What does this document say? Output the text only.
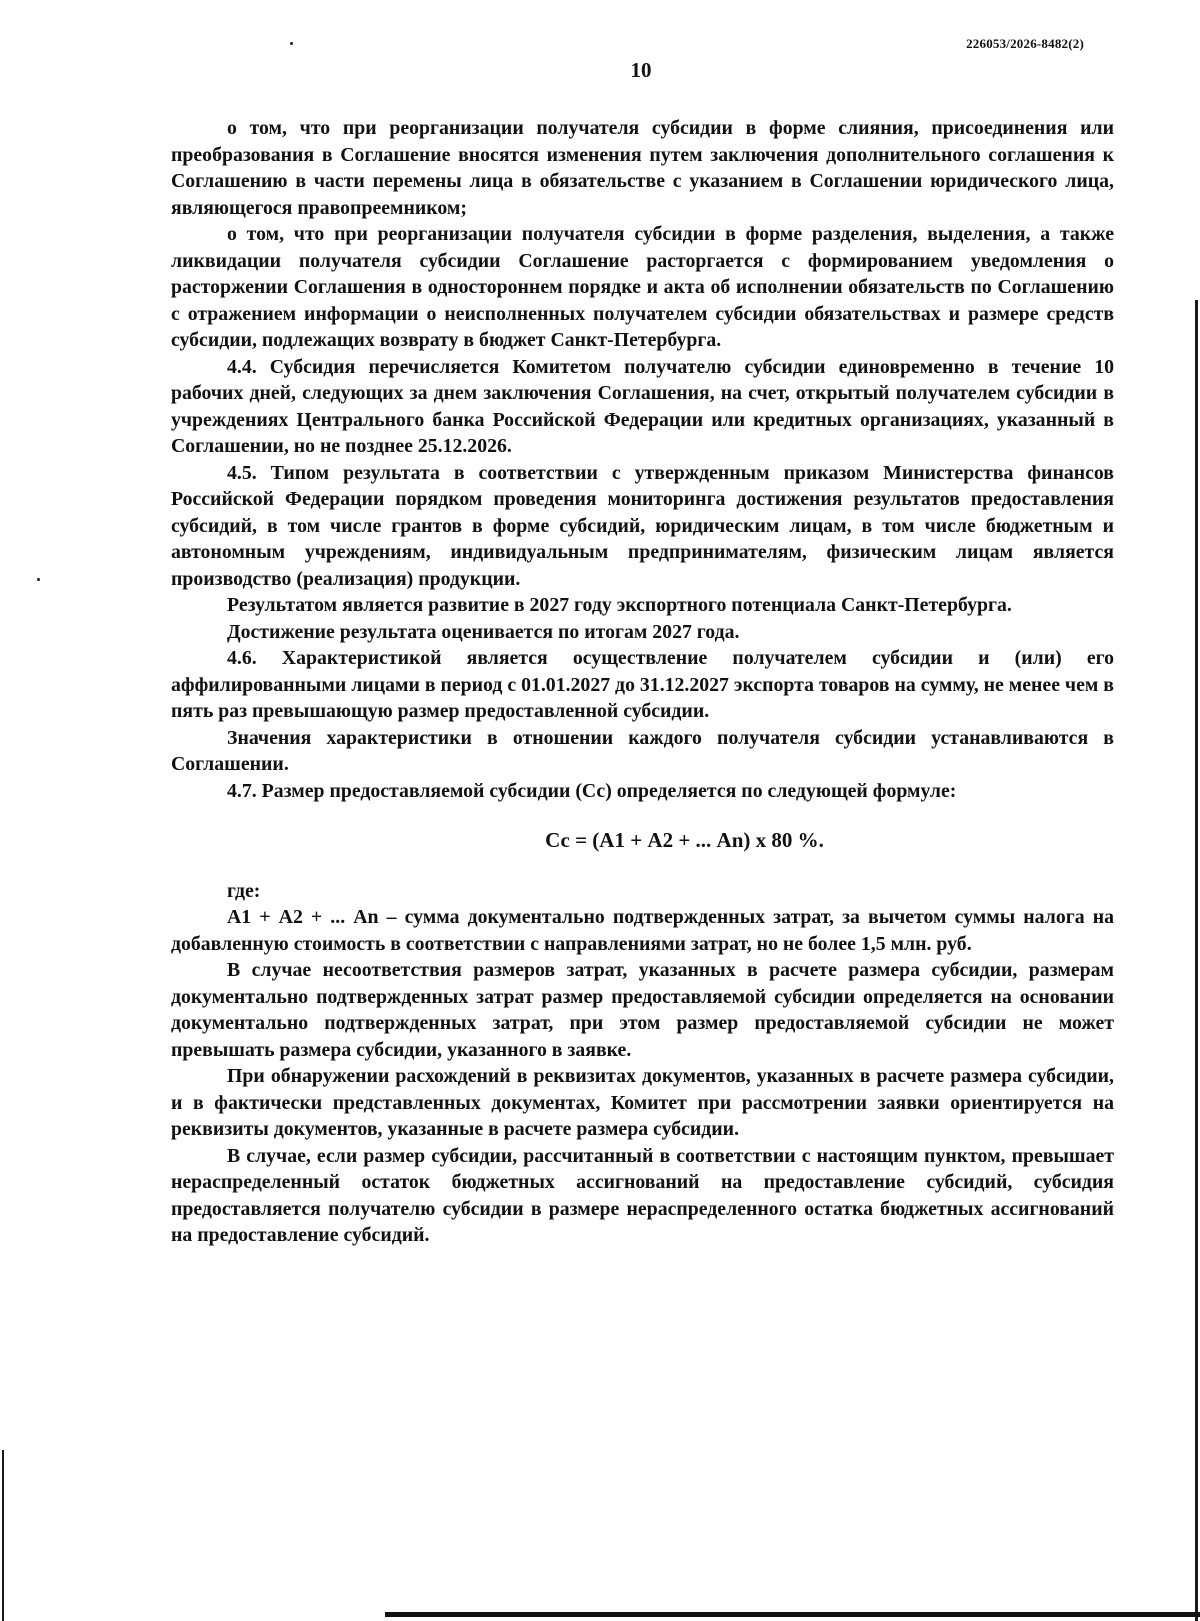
226053/2026-8482(2)
10

о том, что при реорганизации получателя субсидии в форме слияния, присоединения или преобразования в Соглашение вносятся изменения путем заключения дополнительного соглашения к Соглашению в части перемены лица в обязательстве с указанием в Соглашении юридического лица, являющегося правопреемником;

о том, что при реорганизации получателя субсидии в форме разделения, выделения, а также ликвидации получателя субсидии Соглашение расторгается с формированием уведомления о расторжении Соглашения в одностороннем порядке и акта об исполнении обязательств по Соглашению с отражением информации о неисполненных получателем субсидии обязательствах и размере средств субсидии, подлежащих возврату в бюджет Санкт-Петербурга.

4.4. Субсидия перечисляется Комитетом получателю субсидии единовременно в течение 10 рабочих дней, следующих за днем заключения Соглашения, на счет, открытый получателем субсидии в учреждениях Центрального банка Российской Федерации или кредитных организациях, указанный в Соглашении, но не позднее 25.12.2026.

4.5. Типом результата в соответствии с утвержденным приказом Министерства финансов Российской Федерации порядком проведения мониторинга достижения результатов предоставления субсидий, в том числе грантов в форме субсидий, юридическим лицам, в том числе бюджетным и автономным учреждениям, индивидуальным предпринимателям, физическим лицам является производство (реализация) продукции.

Результатом является развитие в 2027 году экспортного потенциала Санкт-Петербурга.

Достижение результата оценивается по итогам 2027 года.

4.6. Характеристикой является осуществление получателем субсидии и (или) его аффилированными лицами в период с 01.01.2027 до 31.12.2027 экспорта товаров на сумму, не менее чем в пять раз превышающую размер предоставленной субсидии.

Значения характеристики в отношении каждого получателя субсидии устанавливаются в Соглашении.

4.7. Размер предоставляемой субсидии (Сс) определяется по следующей формуле:

Сс = (А1 + А2 + ... Аn) х 80 %.

где:

А1 + А2 + ... Аn – сумма документально подтвержденных затрат, за вычетом суммы налога на добавленную стоимость в соответствии с направлениями затрат, но не более 1,5 млн. руб.

В случае несоответствия размеров затрат, указанных в расчете размера субсидии, размерам документально подтвержденных затрат размер предоставляемой субсидии определяется на основании документально подтвержденных затрат, при этом размер предоставляемой субсидии не может превышать размера субсидии, указанного в заявке.

При обнаружении расхождений в реквизитах документов, указанных в расчете размера субсидии, и в фактически представленных документах, Комитет при рассмотрении заявки ориентируется на реквизиты документов, указанные в расчете размера субсидии.

В случае, если размер субсидии, рассчитанный в соответствии с настоящим пунктом, превышает нераспределенный остаток бюджетных ассигнований на предоставление субсидий, субсидия предоставляется получателю субсидии в размере нераспределенного остатка бюджетных ассигнований на предоставление субсидий.
